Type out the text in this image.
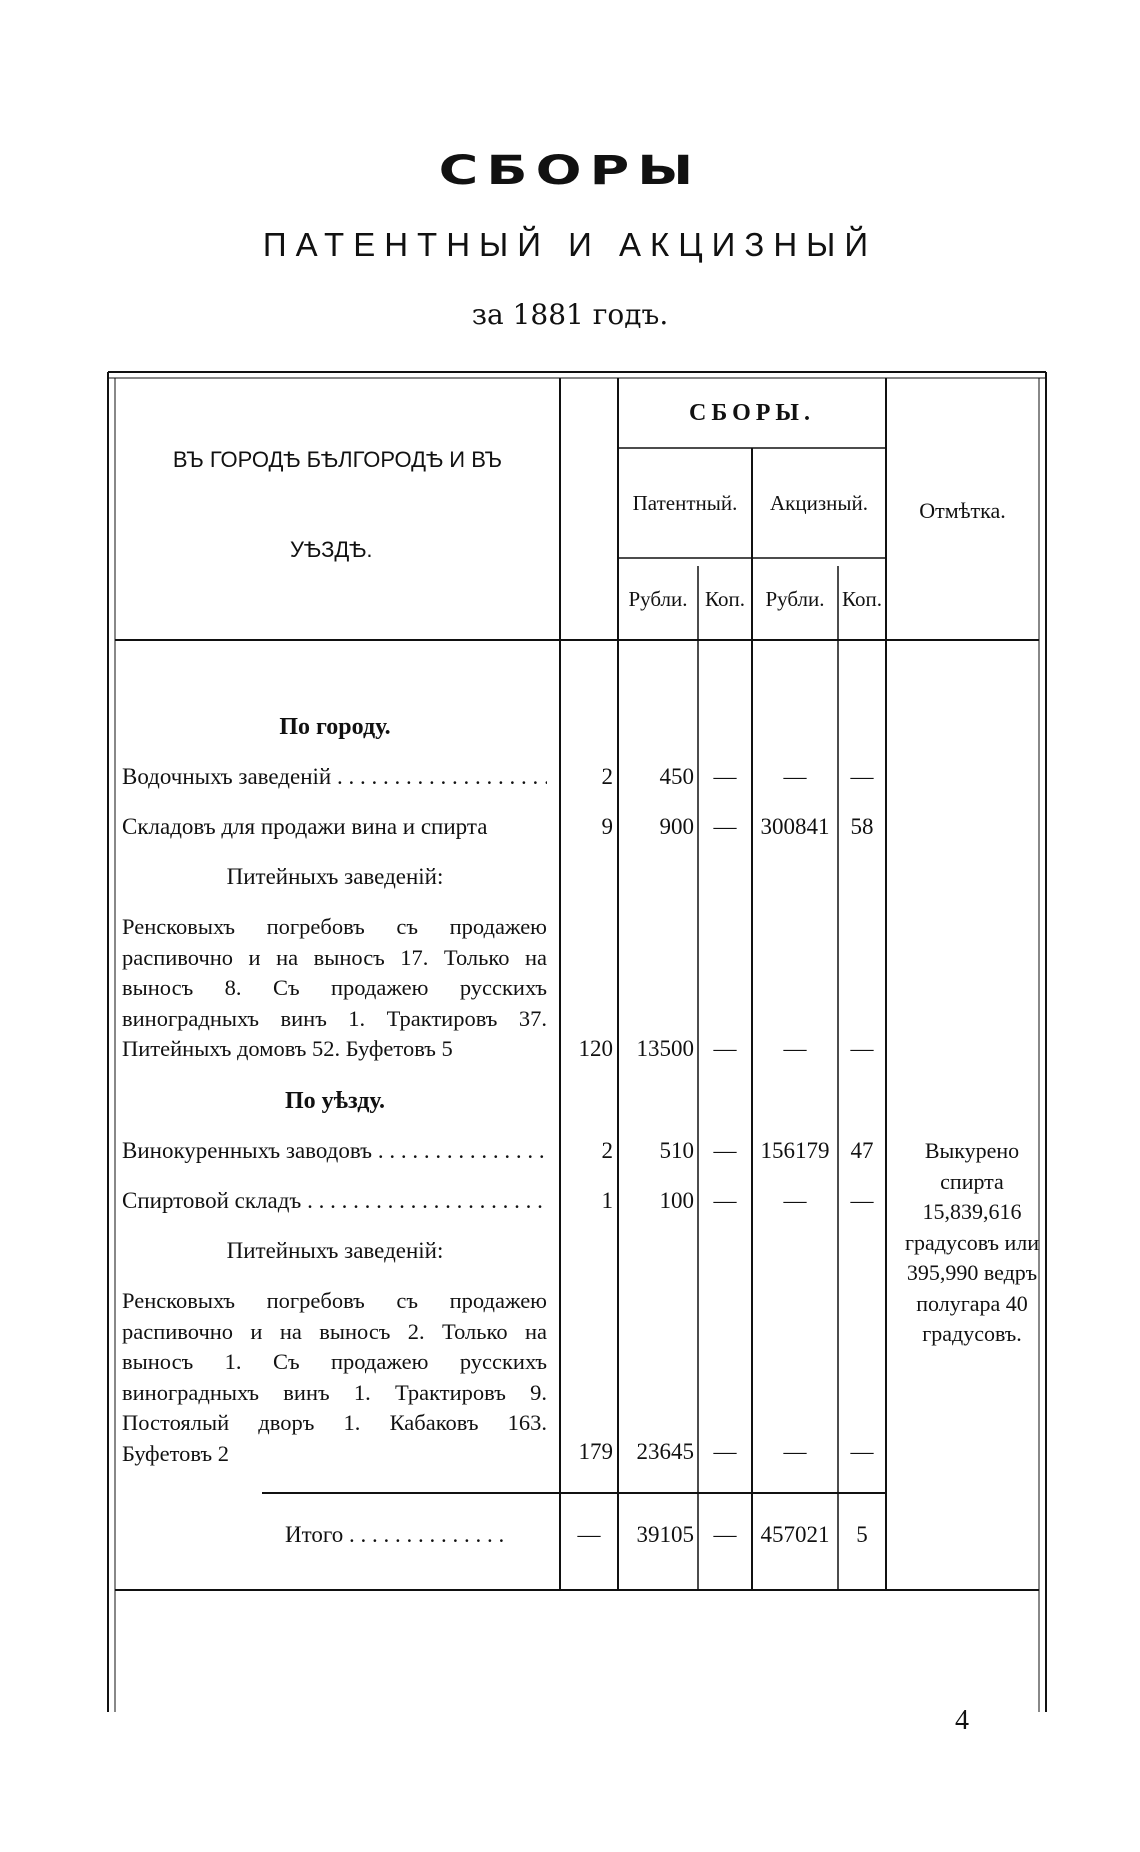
СБОРЫ
ПАТЕНТНЫЙ И АКЦИЗНЫЙ
за 1881 годъ.
ВЪ ГОРОДѢ БѢЛГОРОДѢ И ВЪ
УѢЗДѢ.
СБОРЫ.
Патентный.	Акцизный.
Рубли. Коп. Рубли. Коп.
Отмѣтка.
По городу.
Водочныхъ заведеній . . .	2	450 —	—	—
Складовъ для продажи вина и спирта	9	900 —	300841 58
Питейныхъ заведеній:
Ренсковыхъ погребовъ съ продажею распивочно и на выносъ 17. Только на выносъ 8. Съ продажею русскихъ виноградныхъ винъ 1. Трактировъ 37. Питейныхъ домовъ 52. Буфетовъ 5	120	13500 —	—	—
По уѣзду.
Винокуренныхъ заводовъ . . .	2	510 —	156179 47
Спиртовой складъ . . .	1	100 —	—	—
Питейныхъ заведеній:
Ренсковыхъ погребовъ съ продажею распивочно и на выносъ 2. Только на выносъ 1. Съ продажею русскихъ виноградныхъ винъ 1. Трактировъ 9. Постоялый дворъ 1. Кабаковъ 163. Буфетовъ 2	179	23645 —	—	—
Итого . . . . . . . . . . . . . .	—	39105 —	457021	5
Выкурено спирта 15,839,616 градусовъ или 395,990 ведръ полугара 40 градусовъ.
4
